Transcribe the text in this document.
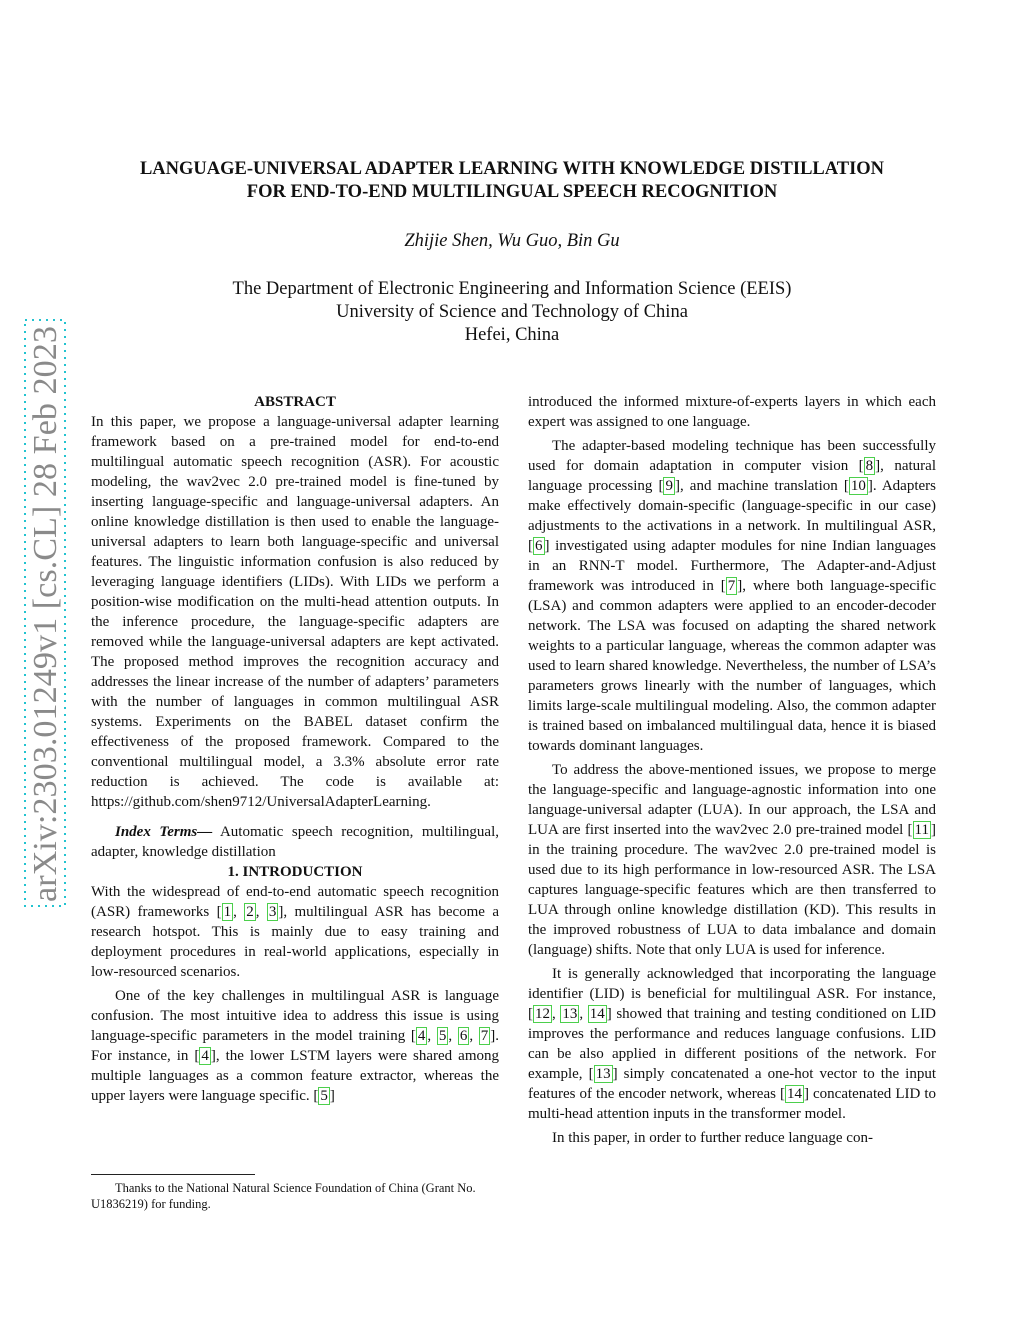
arXiv:2303.01249v1 [cs.CL] 28 Feb 2023
LANGUAGE-UNIVERSAL ADAPTER LEARNING WITH KNOWLEDGE DISTILLATION
FOR END-TO-END MULTILINGUAL SPEECH RECOGNITION
Zhijie Shen, Wu Guo, Bin Gu
The Department of Electronic Engineering and Information Science (EEIS)
University of Science and Technology of China
Hefei, China

ABSTRACT

In this paper, we propose a language-universal adapter learning framework based on a pre-trained model for end-to-end multilingual automatic speech recognition (ASR). For acoustic modeling, the wav2vec 2.0 pre-trained model is fine-tuned by inserting language-specific and language-universal adapters. An online knowledge distillation is then used to enable the language-universal adapters to learn both language-specific and universal features. The linguistic information confusion is also reduced by leveraging language identifiers (LIDs). With LIDs we perform a position-wise modification on the multi-head attention outputs. In the inference procedure, the language-specific adapters are removed while the language-universal adapters are kept activated. The proposed method improves the recognition accuracy and addresses the linear increase of the number of adapters’ parameters with the number of languages in common multilingual ASR systems. Experiments on the BABEL dataset confirm the effectiveness of the proposed framework. Compared to the conventional multilingual model, a 3.3% absolute error rate reduction is achieved. The code is available at: https://github.com/shen9712/UniversalAdapterLearning.

Index Terms— Automatic speech recognition, multilingual, adapter, knowledge distillation

1. INTRODUCTION

With the widespread of end-to-end automatic speech recognition (ASR) frameworks [ 1 , 2 , 3 ], multilingual ASR has become a research hotspot. This is mainly due to easy training and deployment procedures in real-world applications, especially in low-resourced scenarios.

One of the key challenges in multilingual ASR is language confusion. The most intuitive idea to address this issue is using language-specific parameters in the model training [ 4 , 5 , 6 , 7 ]. For instance, in [ 4 ], the lower LSTM layers were shared among multiple languages as a common feature extractor, whereas the upper layers were language specific. [ 5 ]

Thanks to the National Natural Science Foundation of China (Grant No. U1836219) for funding.

introduced the informed mixture-of-experts layers in which each expert was assigned to one language.

The adapter-based modeling technique has been successfully used for domain adaptation in computer vision [ 8 ], natural language processing [ 9 ], and machine translation [ 10 ]. Adapters make effectively domain-specific (language-specific in our case) adjustments to the activations in a network. In multilingual ASR, [ 6 ] investigated using adapter modules for nine Indian languages in an RNN-T model. Furthermore, The Adapter-and-Adjust framework was introduced in [ 7 ], where both language-specific (LSA) and common adapters were applied to an encoder-decoder network. The LSA was focused on adapting the shared network weights to a particular language, whereas the common adapter was used to learn shared knowledge. Nevertheless, the number of LSA’s parameters grows linearly with the number of languages, which limits large-scale multilingual modeling. Also, the common adapter is trained based on imbalanced multilingual data, hence it is biased towards dominant languages.

To address the above-mentioned issues, we propose to merge the language-specific and language-agnostic information into one language-universal adapter (LUA). In our approach, the LSA and LUA are first inserted into the wav2vec 2.0 pre-trained model [ 11 ] in the training procedure. The wav2vec 2.0 pre-trained model is used due to its high performance in low-resourced ASR. The LSA captures language-specific features which are then transferred to LUA through online knowledge distillation (KD). This results in the improved robustness of LUA to data imbalance and domain (language) shifts. Note that only LUA is used for inference.

It is generally acknowledged that incorporating the language identifier (LID) is beneficial for multilingual ASR. For instance, [ 12 , 13 , 14 ] showed that training and testing conditioned on LID improves the performance and reduces language confusions. LID can be also applied in different positions of the network. For example, [ 13 ] simply concatenated a one-hot vector to the input features of the encoder network, whereas [ 14 ] concatenated LID to multi-head attention inputs in the transformer model.

In this paper, in order to further reduce language con-
